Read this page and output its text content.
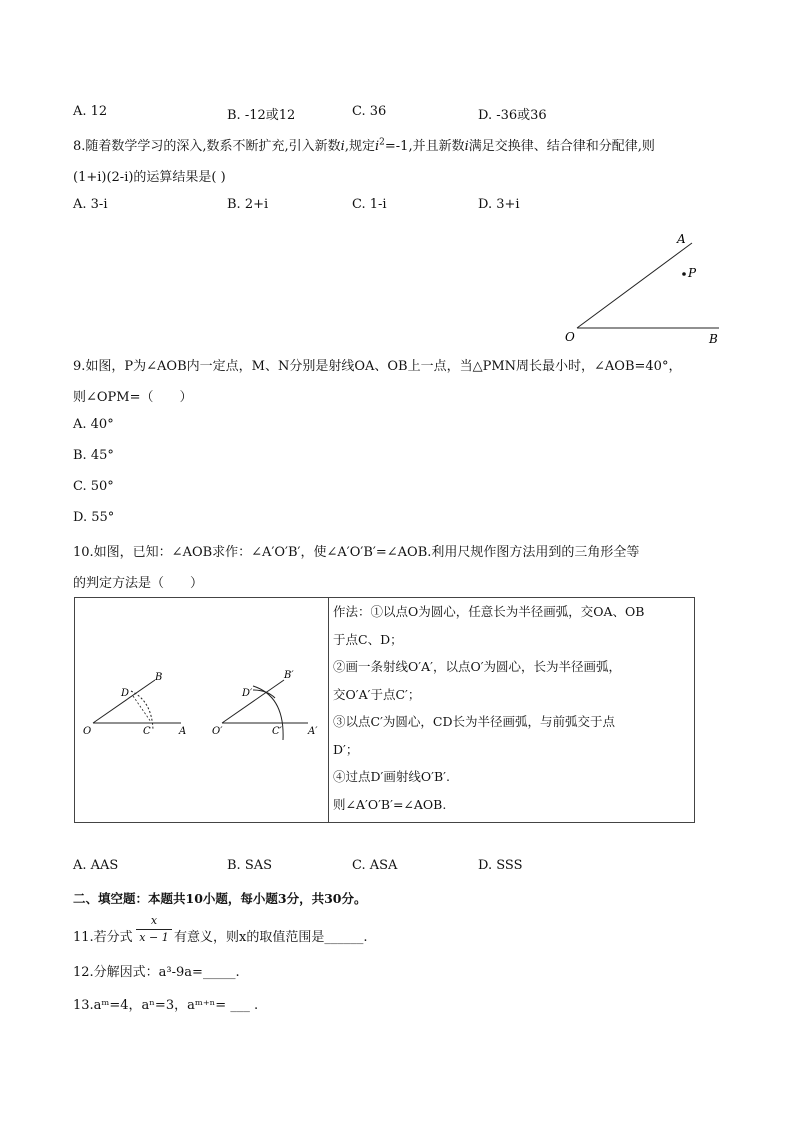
A. 12	B. -12或12	C. 36	D. -36或36
8.随着数学学习的深入,数系不断扩充,引入新数i,规定$i^2=-1$,并且新数i满足交换律、结合律和分配律,则
(1+i)(2-i)的运算结果是( )
A. 3-i	B. 2+i	C. 1-i	D. 3+i
A
P
O	B
9.如图，P为∠AOB内一定点，M、N分别是射线OA、OB上一点，当△PMN周长最小时，∠AOB=40°，
则∠OPM=（　　）
A. 40°
B. 45°
C. 50°
D. 55°
10.如图，已知：∠AOB求作：∠A′O′B′，使∠A′O′B′=∠AOB.利用尺规作图方法用到的三角形全等
的判定方法是（　　）
B
D
O	C	A
B′
D′
O′	C′	A′

作法：①以点O为圆心，任意长为半径画弧，交OA、OB
于点C、D；
②画一条射线O′A′，以点O′为圆心，长为半径画弧，
交O′A′于点C′；
③以点C′为圆心，CD长为半径画弧，与前弧交于点
D′；
④过点D′画射线O′B′.
则∠A′O′B′=∠AOB.
A. AAS	B. SAS	C. ASA	D. SSS
二、填空题：本题共10小题，每小题3分，共30分。
11.若分式 $\frac{x}{x - 1}$ 有意义，则x的取值范围是______.
12.分解因式：a³-9a=_____.
13.aᵐ=4，aⁿ=3，aᵐ⁺ⁿ= ___ .
